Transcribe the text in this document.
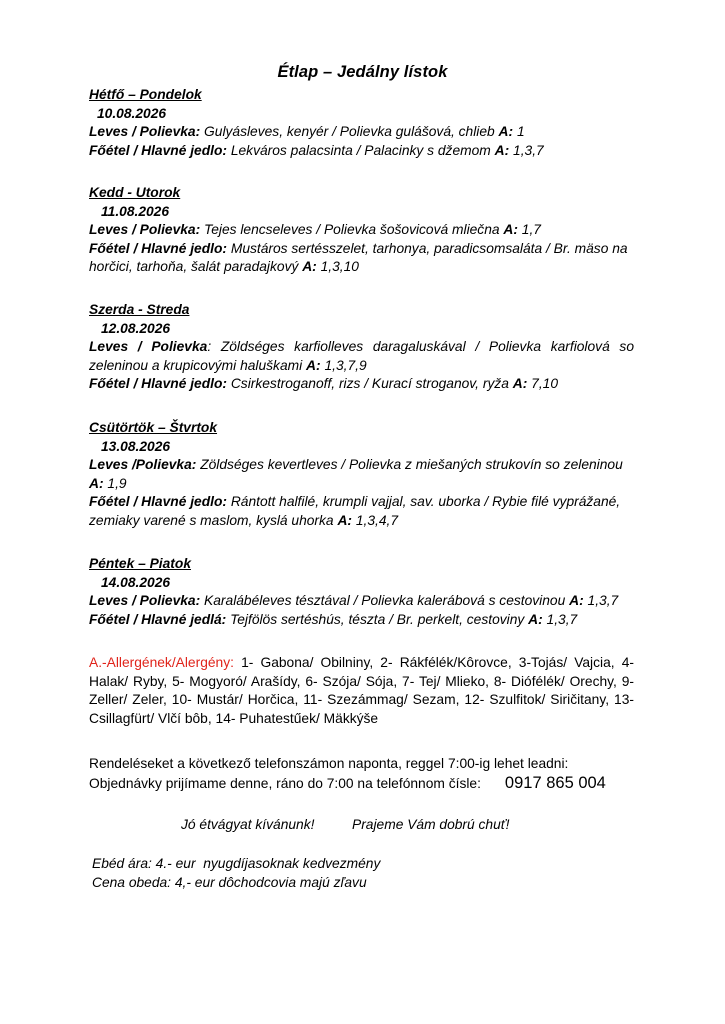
Étlap – Jedálny lístok
Hétfő – Pondelok
10.08.2026
Leves / Polievka: Gulyásleves, kenyér / Polievka gulášová, chlieb A: 1
Főétel / Hlavné jedlo: Lekváros palacsinta / Palacinky s džemom A: 1,3,7
Kedd - Utorok
11.08.2026
Leves / Polievka: Tejes lencseleves / Polievka šošovicová mliečna A: 1,7
Főétel / Hlavné jedlo: Mustáros sertésszelet, tarhonya, paradicsomsaláta / Br. mäso na horčici, tarhoňa, šalát paradajkový A: 1,3,10
Szerda - Streda
12.08.2026
Leves / Polievka: Zöldséges karfiolleves daragaluskával / Polievka karfiolová so zeleninou a krupicovými haluškami A: 1,3,7,9
Főétel / Hlavné jedlo: Csirkestroganoff, rizs / Kurací stroganov, ryža A: 7,10
Csütörtök – Štvrtok
13.08.2026
Leves /Polievka: Zöldséges kevertleves / Polievka z miešaných strukovín so zeleninou A: 1,9
Főétel / Hlavné jedlo: Rántott halfilé, krumpli vajjal, sav. uborka / Rybie filé vyprážané, zemiaky varené s maslom, kyslá uhorka A: 1,3,4,7
Péntek – Piatok
14.08.2026
Leves / Polievka: Karalábéleves tésztával / Polievka kalerábová s cestovinou A: 1,3,7
Főétel / Hlavné jedlá: Tejfölös sertéshús, tészta / Br. perkelt, cestoviny A: 1,3,7
A.-Allergének/Alergény: 1- Gabona/ Obilniny, 2- Rákfélék/Kôrovce, 3-Tojás/ Vajcia, 4- Halak/ Ryby, 5- Mogyoró/ Arašídy, 6- Szója/ Sója, 7- Tej/ Mlieko, 8- Diófélék/ Orechy, 9- Zeller/ Zeler, 10- Mustár/ Horčica, 11- Szezámmag/ Sezam, 12- Szulfitok/ Siričitany, 13- Csillagfürt/ Vlčí bôb, 14- Puhatestűek/ Mäkkýše
Rendeléseket a következő telefonszámon naponta, reggel 7:00-ig lehet leadni:
Objednávky prijímame denne, ráno do 7:00 na telefónnom čísle: 0917 865 004
Jó étvágyat kívánunk!	Prajeme Vám dobrú chuť!
Ebéd ára: 4.- eur  nyugdíjasoknak kedvezmény
Cena obeda: 4,- eur dôchodcovia majú zľavu
